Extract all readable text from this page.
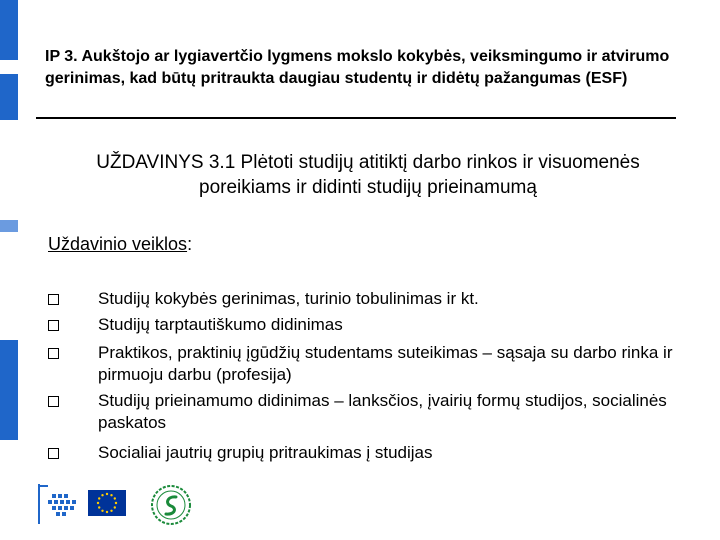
IP 3. Aukštojo ar lygiavertčio lygmens mokslo kokybės, veiksmingumo ir atvirumo gerinimas, kad būtų pritraukta daugiau studentų ir didėtų pažangumas (ESF)
UŽDAVINYS 3.1 Plėtoti studijų atitiktį darbo rinkos ir visuomenės
poreikiams ir didinti studijų prieinamumą
Uždavinio veiklos:
Studijų kokybės gerinimas, turinio tobulinimas ir kt.
Studijų tarptautiškumo didinimas
Praktikos, praktinių įgūdžių studentams suteikimas – sąsaja su darbo rinka ir pirmuoju darbu (profesija)
Studijų prieinamumo didinimas – lanksčios, įvairių formų studijos, socialinės paskatos
Socialiai jautrių grupių pritraukimas į studijas
